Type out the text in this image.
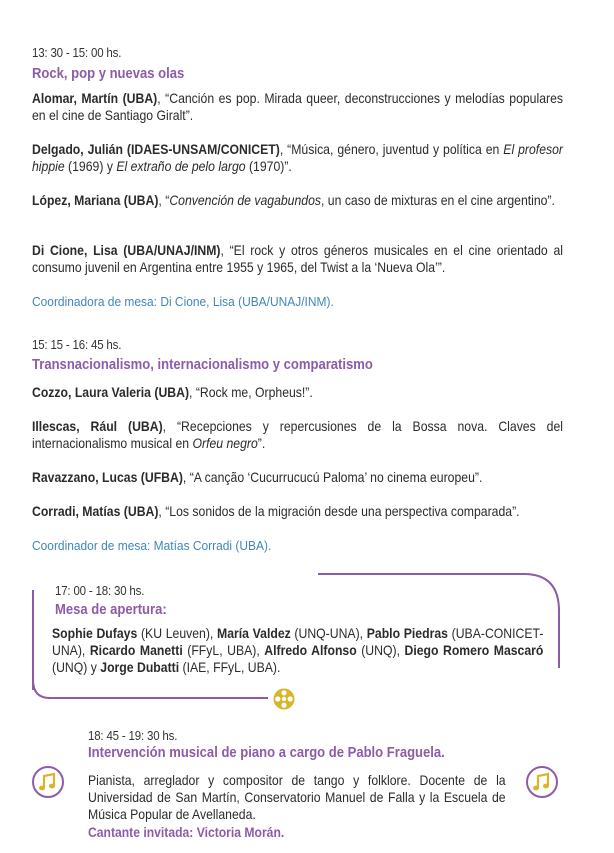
13: 30 - 15: 00 hs.
Rock, pop y nuevas olas
Alomar, Martín (UBA), “Canción es pop. Mirada queer, deconstrucciones y melodías populares en el cine de Santiago Giralt”.
Delgado, Julián (IDAES-UNSAM/CONICET), “Música, género, juventud y política en El profesor hippie (1969) y El extraño de pelo largo (1970)”.
López, Mariana (UBA), “Convención de vagabundos, un caso de mixturas en el cine argentino”.
Di Cione, Lisa (UBA/UNAJ/INM), “El rock y otros géneros musicales en el cine orientado al consumo juvenil en Argentina entre 1955 y 1965, del Twist a la ‘Nueva Ola’”.
Coordinadora de mesa: Di Cione, Lisa (UBA/UNAJ/INM).
15: 15 - 16: 45 hs.
Transnacionalismo, internacionalismo y comparatismo
Cozzo, Laura Valeria (UBA), “Rock me, Orpheus!”.
Illescas, Rául (UBA), “Recepciones y repercusiones de la Bossa nova. Claves del internacionalismo musical en Orfeu negro”.
Ravazzano, Lucas (UFBA), “A canção ‘Cucurrucucú Paloma’ no cinema europeu”.
Corradi, Matías (UBA), “Los sonidos de la migración desde una perspectiva comparada”.
Coordinador de mesa: Matías Corradi (UBA).
17: 00 - 18: 30 hs.
Mesa de apertura:
Sophie Dufays (KU Leuven), María Valdez (UNQ-UNA), Pablo Piedras (UBA-CONICET-UNA), Ricardo Manetti (FFyL, UBA), Alfredo Alfonso (UNQ), Diego Romero Mascaró (UNQ) y Jorge Dubatti (IAE, FFyL, UBA).
18: 45 - 19: 30 hs.
Intervención musical de piano a cargo de Pablo Fraguela.
Pianista, arreglador y compositor de tango y folklore. Docente de la Universidad de San Martín, Conservatorio Manuel de Falla y la Escuela de Música Popular de Avellaneda.
Cantante invitada: Victoria Morán.
